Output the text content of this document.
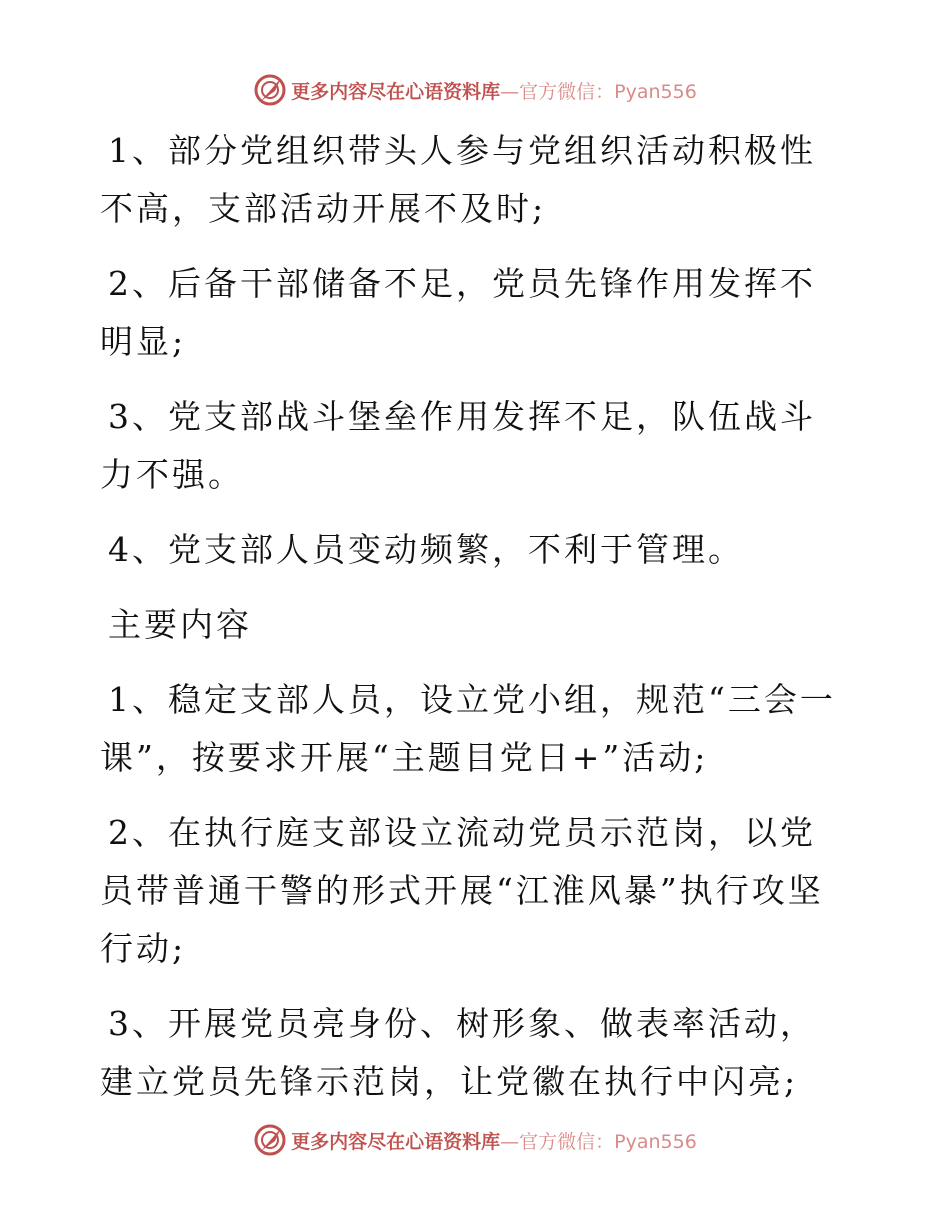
更多内容尽在心语资料库 —官方微信：Pyan556

1、部分党组织带头人参与党组织活动积极性不高，支部活动开展不及时;

2、后备干部储备不足，党员先锋作用发挥不明显;

3、党支部战斗堡垒作用发挥不足，队伍战斗力不强。

4、党支部人员变动频繁，不利于管理。

主要内容

1、稳定支部人员，设立党小组，规范“三会一课”，按要求开展“主题目党日+”活动;

2、在执行庭支部设立流动党员示范岗，以党员带普通干警的形式开展“江淮风暴”执行攻坚行动;

3、开展党员亮身份、树形象、做表率活动，建立党员先锋示范岗，让党徽在执行中闪亮;

更多内容尽在心语资料库 —官方微信：Pyan556
